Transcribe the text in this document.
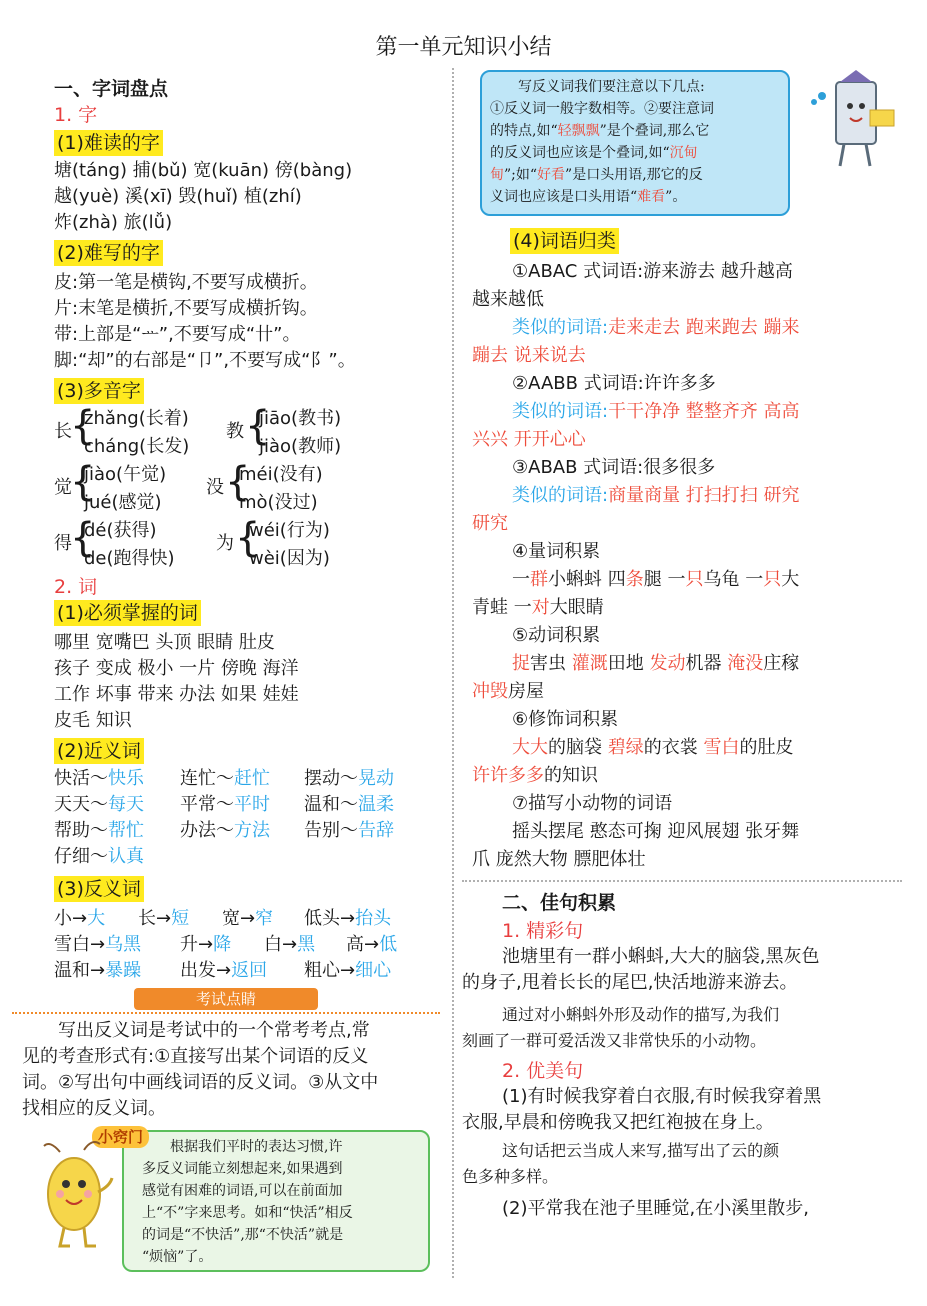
第一单元知识小结
一、字词盘点
1. 字
(1)难读的字
塘(táng) 捕(bǔ) 宽(kuān) 傍(bàng)
越(yuè) 溪(xī) 毁(huǐ) 植(zhí)
炸(zhà) 旅(lǚ)
(2)难写的字
皮:第一笔是横钩,不要写成横折。
片:末笔是横折,不要写成横折钩。
带:上部是“ᅭ”,不要写成“卄”。
脚:“却”的右部是“卩”,不要写成“阝”。
(3)多音字
长
{
zhǎng(长着)
cháng(长发)
教 {
jiāo(教书)
jiào(教师)
觉
{
jiào(午觉)
jué(感觉)
没 {
méi(没有)
mò(没过)
得
{
dé(获得)
de(跑得快)
为 {
wéi(行为)
wèi(因为)
2. 词
(1)必须掌握的词
哪里 宽嘴巴 头顶 眼睛 肚皮
孩子 变成 极小 一片 傍晚 海洋
工作 坏事 带来 办法 如果 娃娃
皮毛 知识
(2)近义词
快活～快乐 连忙～赶忙 摆动～晃动
天天～每天 平常～平时 温和～温柔
帮助～帮忙 办法～方法 告别～告辞
仔细～认真
(3)反义词
小→大 长→短 宽→窄 低头→抬头
雪白→乌黑 升→降 白→黑 高→低
温和→暴躁 出发→返回 粗心→细心
考试点睛
写出反义词是考试中的一个常考考点,常
见的考查形式有:①直接写出某个词语的反义
词。②写出句中画线词语的反义词。③从文中
找相应的反义词。
小窍门
根据我们平时的表达习惯,许
多反义词能立刻想起来,如果遇到
感觉有困难的词语,可以在前面加
上“不”字来思考。如和“快活”相反
的词是“不快活”,那“不快活”就是
“烦恼”了。
写反义词我们要注意以下几点:
①反义词一般字数相等。②要注意词
的特点,如“轻飘飘”是个叠词,那么它
的反义词也应该是个叠词,如“沉甸
甸”;如“好看”是口头用语,那它的反
义词也应该是口头用语“难看”。
(4)词语归类
①ABAC 式词语:游来游去 越升越高
越来越低
类似的词语:走来走去 跑来跑去 蹦来
蹦去 说来说去
②AABB 式词语:许许多多
类似的词语:干干净净 整整齐齐 高高
兴兴 开开心心
③ABAB 式词语:很多很多
类似的词语:商量商量 打扫打扫 研究
研究
④量词积累
一群小蝌蚪 四条腿 一只乌龟 一只大
青蛙 一对大眼睛
⑤动词积累
捉害虫 灌溉田地 发动机器 淹没庄稼
冲毁房屋
⑥修饰词积累
大大的脑袋 碧绿的衣裳 雪白的肚皮
许许多多的知识
⑦描写小动物的词语
摇头摆尾 憨态可掬 迎风展翅 张牙舞
爪 庞然大物 膘肥体壮
二、佳句积累
1. 精彩句
池塘里有一群小蝌蚪,大大的脑袋,黑灰色
的身子,甩着长长的尾巴,快活地游来游去。
通过对小蝌蚪外形及动作的描写,为我们
刻画了一群可爱活泼又非常快乐的小动物。
2. 优美句
(1)有时候我穿着白衣服,有时候我穿着黑
衣服,早晨和傍晚我又把红袍披在身上。
这句话把云当成人来写,描写出了云的颜
色多种多样。
(2)平常我在池子里睡觉,在小溪里散步,
